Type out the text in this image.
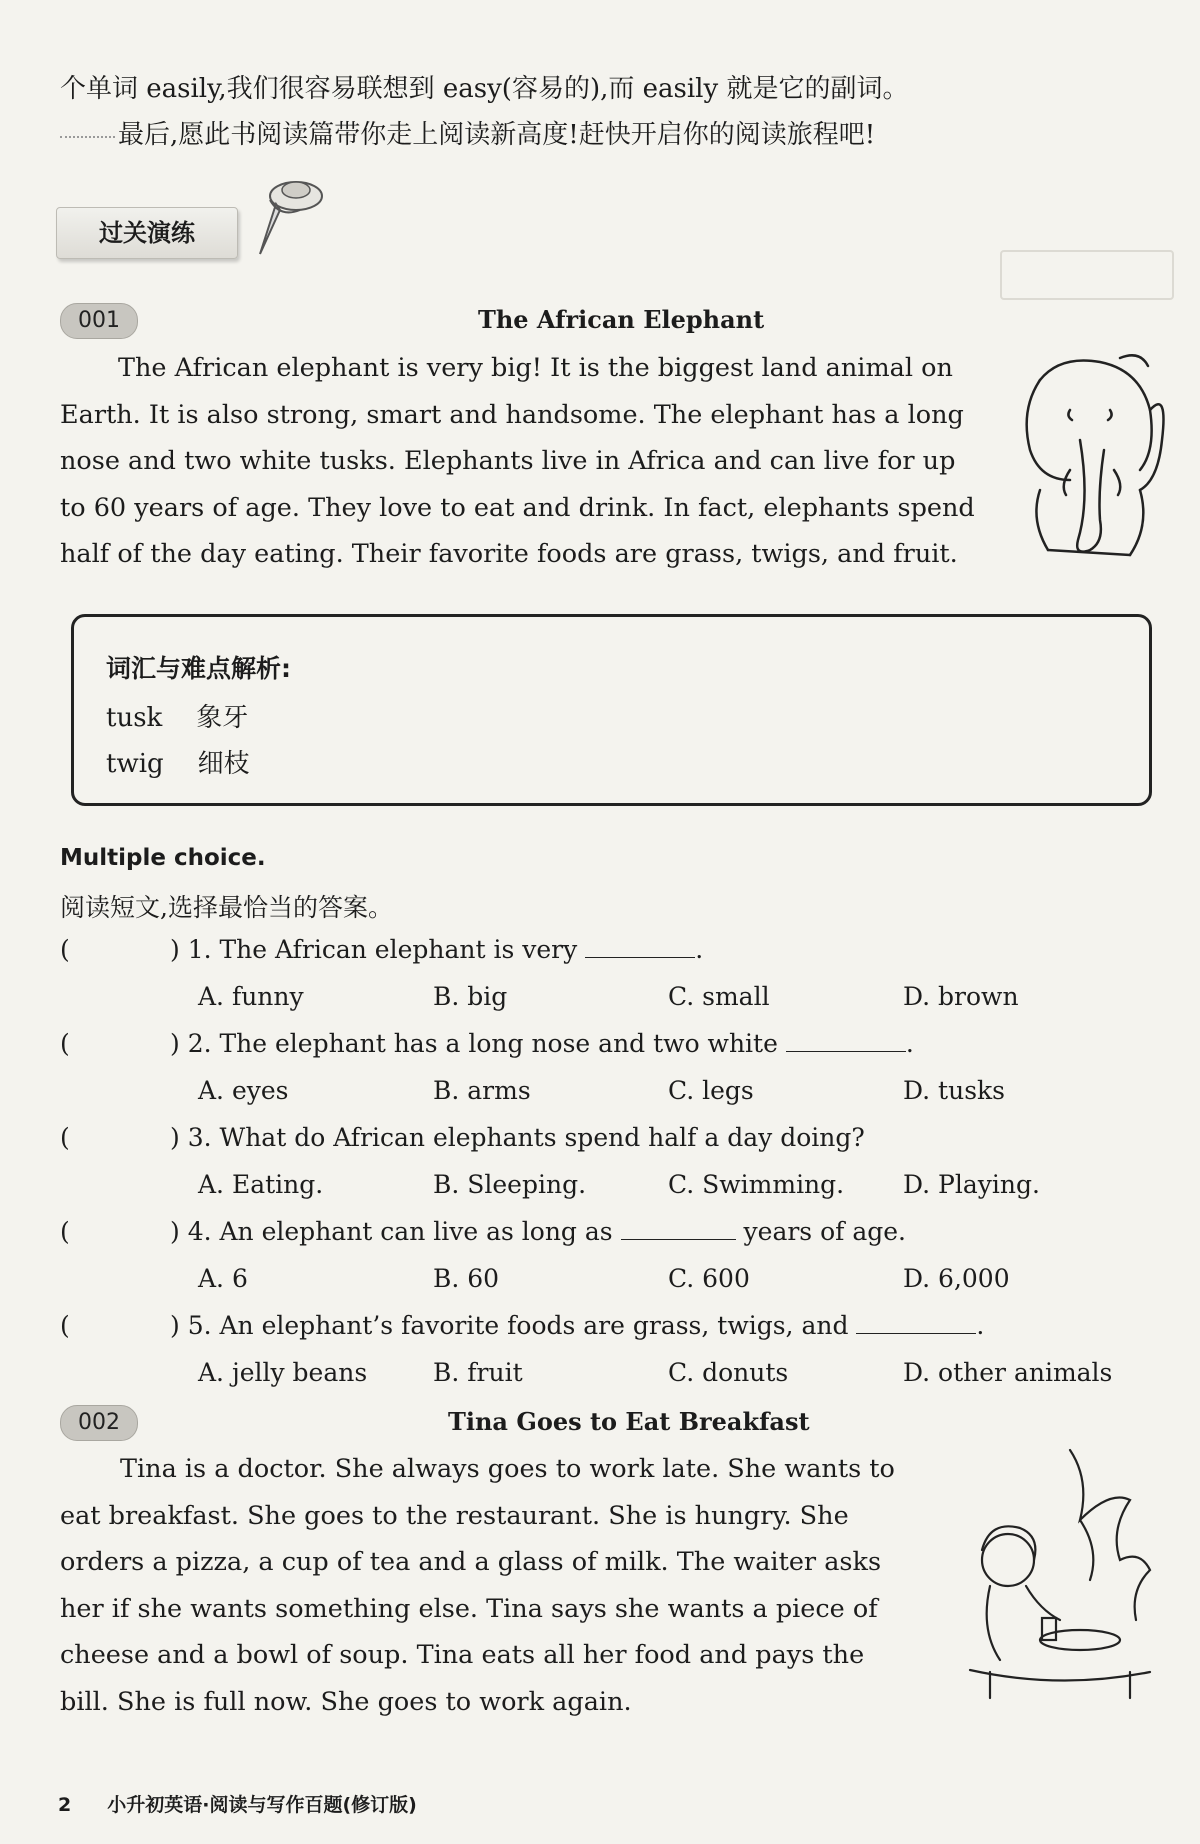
个单词 easily,我们很容易联想到 easy(容易的),而 easily 就是它的副词。
最后,愿此书阅读篇带你走上阅读新高度!赶快开启你的阅读旅程吧!
过关演练
001	The African Elephant
The African elephant is very big! It is the biggest land animal on
Earth. It is also strong, smart and handsome. The elephant has a long
nose and two white tusks. Elephants live in Africa and can live for up
to 60 years of age. They love to eat and drink. In fact, elephants spend
half of the day eating. Their favorite foods are grass, twigs, and fruit.
词汇与难点解析:
tusk 象牙
twig 细枝
Multiple choice.
阅读短文,选择最恰当的答案。
(	) 1. The African elephant is very	.
A. funny	B. big	C. small	D. brown
(	) 2. The elephant has a long nose and two white	.
A. eyes	B. arms	C. legs	D. tusks
(	) 3. What do African elephants spend half a day doing?
A. Eating.	B. Sleeping.	C. Swimming. D. Playing.
(	) 4. An elephant can live as long as	years of age.
A. 6	B. 60	C. 600	D. 6,000
(	) 5. An elephant’s favorite foods are grass, twigs, and	.
A. jelly beans	B. fruit	C. donuts	D. other animals
002	Tina Goes to Eat Breakfast
Tina is a doctor. She always goes to work late. She wants to
eat breakfast. She goes to the restaurant. She is hungry. She
orders a pizza, a cup of tea and a glass of milk. The waiter asks
her if she wants something else. Tina says she wants a piece of
cheese and a bowl of soup. Tina eats all her food and pays the
bill. She is full now. She goes to work again.
2 小升初英语·阅读与写作百题(修订版)
